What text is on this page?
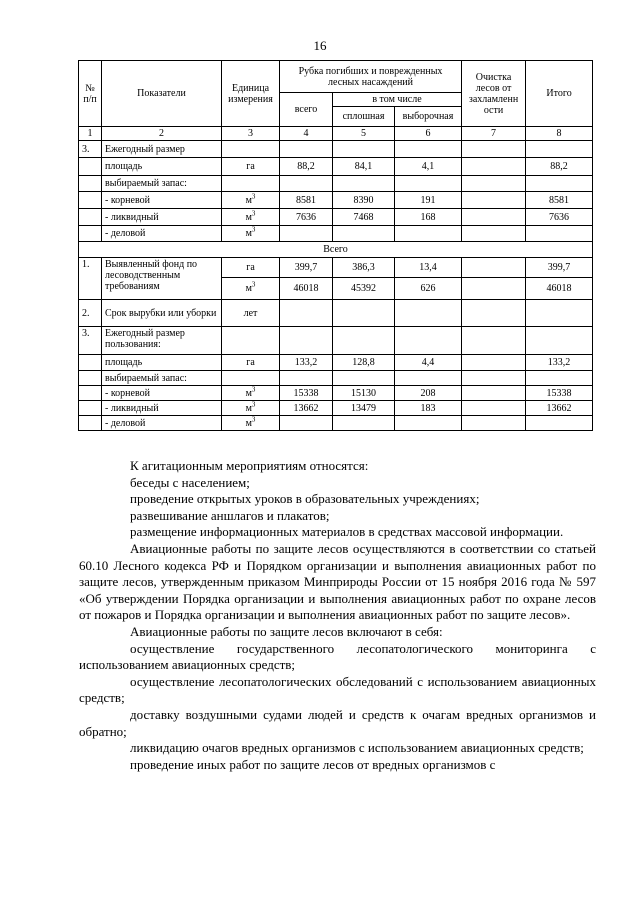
16
№ п/п	Показатели	Единица измерения	Рубка погибших и поврежденных лесных насаждений			Очистка лесов от захламленн ости	Итого
			всего	в том числе			
				сплошная	выборочная		
1	2	3	4	5	6	7	8
3.	Ежегодный размер						
	площадь	га	88,2	84,1	4,1		88,2
	выбираемый запас:						
	- корневой	$м^3$	8581	8390	191		8581
	- ликвидный	$м^3$	7636	7468	168		7636
	- деловой	$м^3$					
Всего							
1.	Выявленный фонд по лесоводственным требованиям	га	399,7	386,3	13,4		399,7
		$м^3$	46018	45392	626		46018
2.	Срок вырубки или уборки	лет					
3.	Ежегодный размер пользования:						
	площадь	га	133,2	128,8	4,4		133,2
	выбираемый запас:						
	- корневой	$м^3$	15338	15130	208		15338
	- ликвидный	$м^3$	13662	13479	183		13662
	- деловой	$м^3$					

К агитационным мероприятиям относятся:

беседы с населением;

проведение открытых уроков в образовательных учреждениях;

развешивание аншлагов и плакатов;

размещение информационных материалов в средствах массовой информации.

Авиационные работы по защите лесов осуществляются в соответствии со статьей 60.10 Лесного кодекса РФ и Порядком организации и выполнения авиационных работ по защите лесов, утвержденным приказом Минприроды России от 15 ноября 2016 года № 597 «Об утверждении Порядка организации и выполнения авиационных работ по охране лесов от пожаров и Порядка организации и выполнения авиационных работ по защите лесов».

Авиационные работы по защите лесов включают в себя:

осуществление государственного лесопатологического мониторинга с использованием авиационных средств;

осуществление лесопатологических обследований с использованием авиационных средств;

доставку воздушными судами людей и средств к очагам вредных организмов и обратно;

ликвидацию очагов вредных организмов с использованием авиационных средств;

проведение иных работ по защите лесов от вредных организмов с
